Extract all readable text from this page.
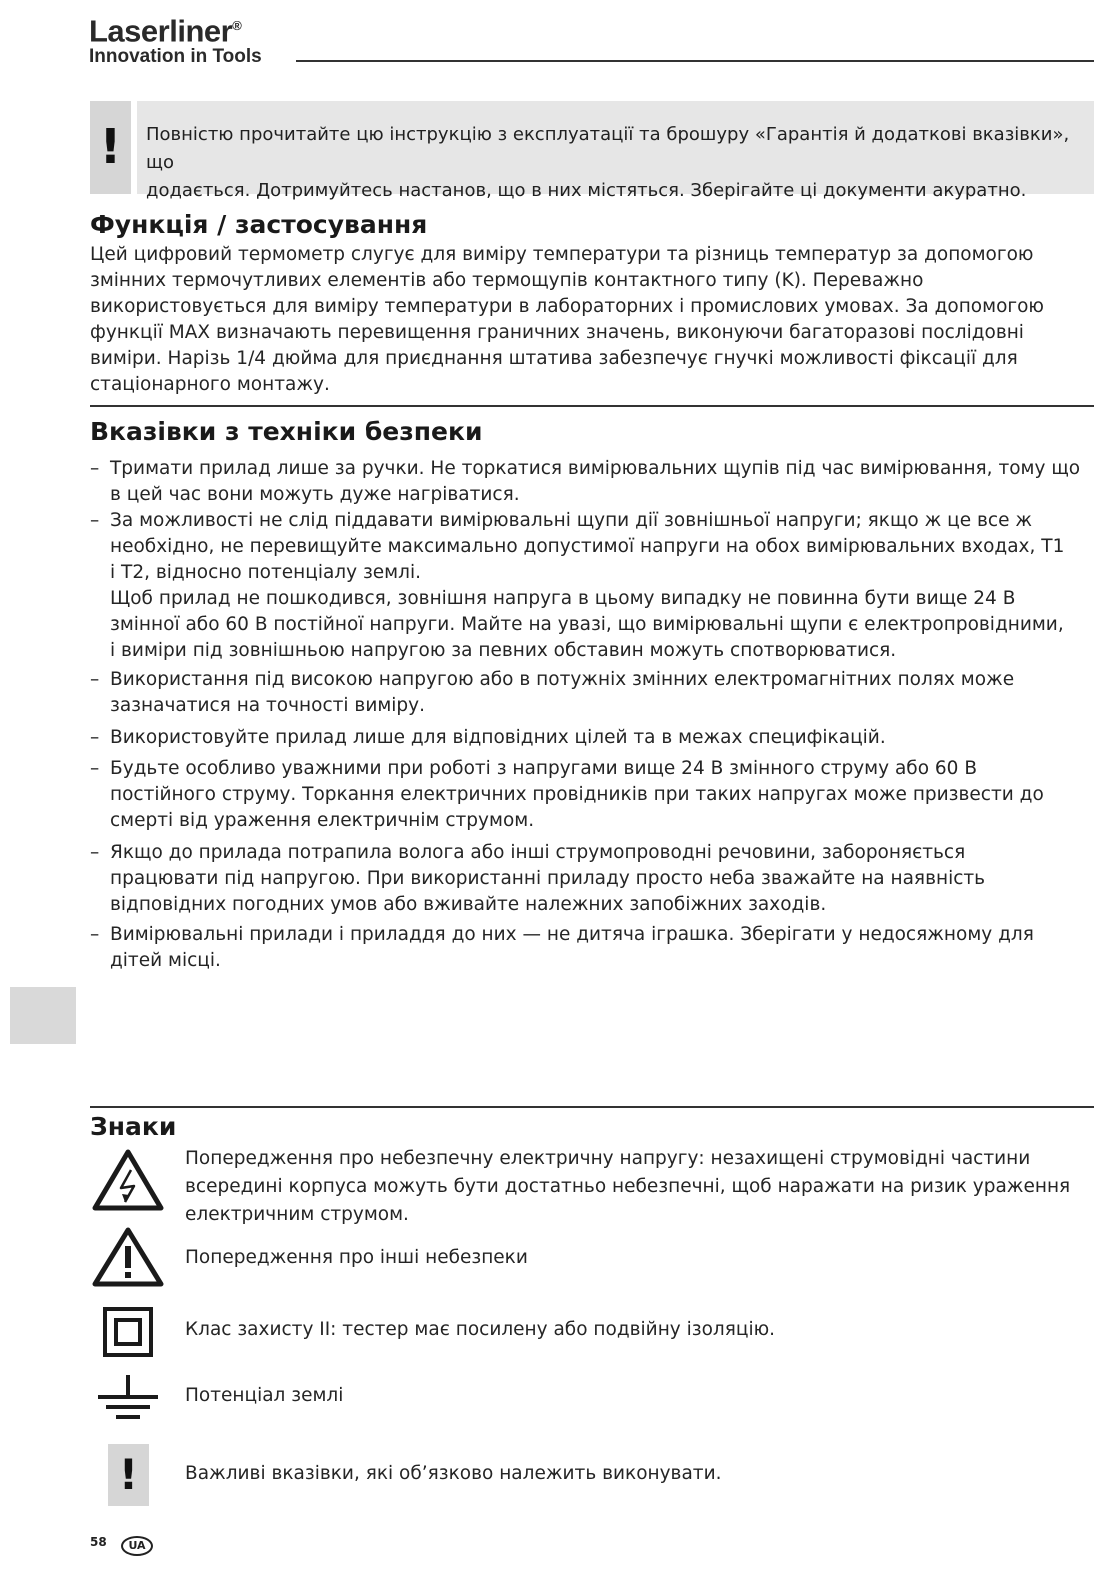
Laserliner®
Innovation in Tools
!	Повністю прочитайте цю інструкцію з експлуатації та брошуру «Гарантія й додаткові вказівки», що
додається. Дотримуйтесь настанов, що в них містяться. Зберігайте ці документи акуратно.
Функція / застосування
Цей цифровий термометр слугує для виміру температури та різниць температур за допомогою
змінних термочутливих елементів або термощупів контактного типу (K). Переважно
використовується для виміру температури в лабораторних і промислових умовах. За допомогою
функції MAX визначають перевищення граничних значень, виконуючи багаторазові послідовні
виміри. Нарізь 1/4 дюйма для приєднання штатива забезпечує гнучкі можливості фіксації для
стаціонарного монтажу.
Вказівки з техніки безпеки
– Тримати прилад лише за ручки. Не торкатися вимірювальних щупів під час вимірювання, тому що
в цей час вони можуть дуже нагріватися.
– За можливості не слід піддавати вимірювальні щупи дії зовнішньої напруги; якщо ж це все ж
необхідно, не перевищуйте максимально допустимої напруги на обох вимірювальних входах, T1
і T2, відносно потенціалу землі.
Щоб прилад не пошкодився, зовнішня напруга в цьому випадку не повинна бути вище 24 В
змінної або 60 В постійної напруги. Майте на увазі, що вимірювальні щупи є електропровідними,
і виміри під зовнішньою напругою за певних обставин можуть спотворюватися.
– Використання під високою напругою або в потужніх змінних електромагнітних полях може
зазначатися на точності виміру.
– Використовуйте прилад лише для відповідних цілей та в межах специфікацій.
– Будьте особливо уважними при роботі з напругами вище 24 В змінного струму або 60 В
постійного струму. Торкання електричних провідників при таких напругах може призвести до
смерті від ураження електричнім струмом.
– Якщо до прилада потрапила волога або інші струмопроводні речовини, забороняється
працювати під напругою. При використанні приладу просто неба зважайте на наявність
відповідних погодних умов або вживайте належних запобіжних заходів.
– Вимірювальні прилади і приладдя до них — не дитяча іграшка. Зберігати у недосяжному для
дітей місці.
Знаки
Попередження про небезпечну електричну напругу: незахищені струмовідні частини
всередині корпуса можуть бути достатньо небезпечні, щоб наражати на ризик ураження
електричним струмом.
Попередження про інші небезпеки
Клас захисту II: тестер має посилену або подвійну ізоляцію.
Потенціал землі
!	Важливі вказівки, які об’язково належить виконувати.
58	UA
